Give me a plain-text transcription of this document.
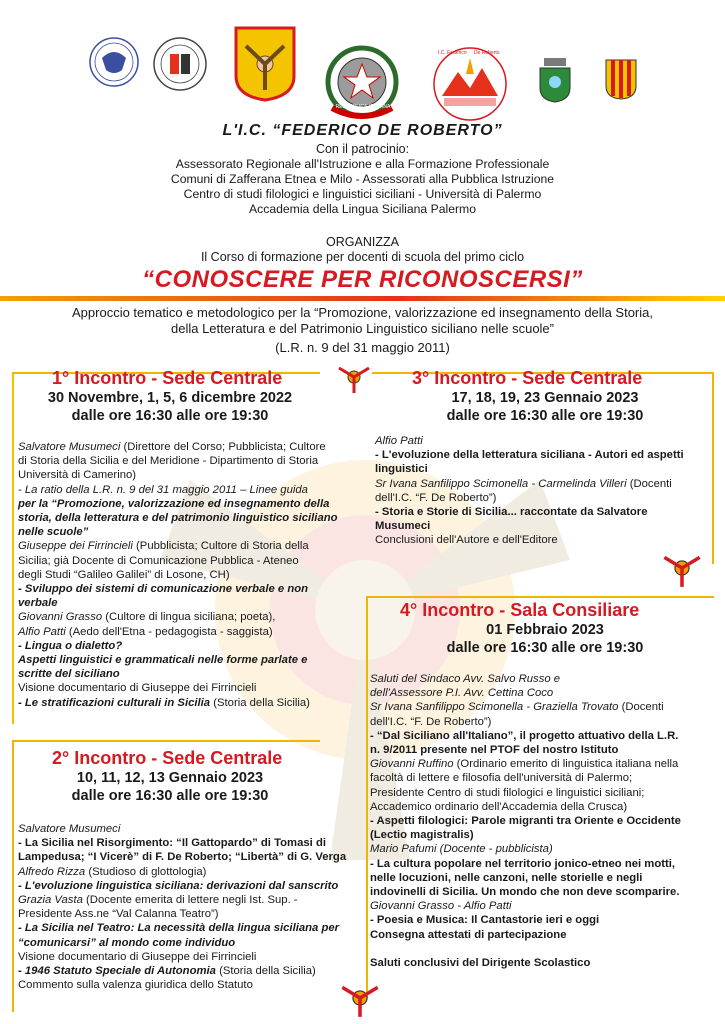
REPUBBLICA ITALIANA
I.C. Federico De Roberto
L'I.C. “FEDERICO DE ROBERTO”
Con il patrocinio:
Assessorato Regionale all'Istruzione e alla Formazione Professionale
Comuni di Zafferana Etnea e Milo - Assessorati alla Pubblica Istruzione
Centro di studi filologici e linguistici siciliani - Università di Palermo
Accademia della Lingua Siciliana Palermo
ORGANIZZA
Il Corso di formazione per docenti di scuola del primo ciclo
“CONOSCERE PER RICONOSCERSI”
Approccio tematico e metodologico per la “Promozione, valorizzazione ed insegnamento della Storia,
della Letteratura e del Patrimonio Linguistico siciliano nelle scuole”
(L.R. n. 9 del 31 maggio 2011)
1° Incontro - Sede Centrale
30 Novembre, 1, 5, 6 dicembre 2022
dalle ore 16:30 alle ore 19:30
Salvatore Musumeci (Direttore del Corso; Pubblicista; Cultore
di Storia della Sicilia e del Meridione - Dipartimento di Storia
Università di Camerino)
- La ratio della L.R. n. 9 del 31 maggio 2011 – Linee guida
per la “Promozione, valorizzazione ed insegnamento della
storia, della letteratura e del patrimonio linguistico siciliano
nelle scuole”
Giuseppe dei Firrincieli (Pubblicista; Cultore di Storia della
Sicilia; già Docente di Comunicazione Pubblica - Ateneo
degli Studi “Galileo Galilei” di Losone, CH)
- Sviluppo dei sistemi di comunicazione verbale e non
verbale
Giovanni Grasso (Cultore di lingua siciliana; poeta),
Alfio Patti (Aedo dell'Etna - pedagogista - saggista)
- Lingua o dialetto?
Aspetti linguistici e grammaticali nelle forme parlate e
scritte del siciliano
Visione documentario di Giuseppe dei Firrincieli
- Le stratificazioni culturali in Sicilia (Storia della Sicilia)
3° Incontro - Sede Centrale
17, 18, 19, 23 Gennaio 2023
dalle ore 16:30 alle ore 19:30
Alfio Patti
- L'evoluzione della letteratura siciliana - Autori ed aspetti
linguistici
Sr Ivana Sanfilippo Scimonella - Carmelinda Villeri (Docenti
dell'I.C. “F. De Roberto”)
- Storia e Storie di Sicilia... raccontate da Salvatore
Musumeci
Conclusioni dell'Autore e dell'Editore
4° Incontro - Sala Consiliare
01 Febbraio 2023
dalle ore 16:30 alle ore 19:30
Saluti del Sindaco Avv. Salvo Russo e
dell'Assessore P.I. Avv. Cettina Coco
Sr Ivana Sanfilippo Scimonella - Graziella Trovato (Docenti
dell'I.C. “F. De Roberto”)
- “Dal Siciliano all'Italiano”, il progetto attuativo della L.R.
n. 9/2011 presente nel PTOF del nostro Istituto
Giovanni Ruffino (Ordinario emerito di linguistica italiana nella
facoltà di lettere e filosofia dell'università di Palermo;
Presidente Centro di studi filologici e linguistici siciliani;
Accademico ordinario dell'Accademia della Crusca)
- Aspetti filologici: Parole migranti tra Oriente e Occidente
(Lectio magistralis)
Mario Pafumi (Docente - pubblicista)
- La cultura popolare nel territorio jonico-etneo nei motti,
nelle locuzioni, nelle canzoni, nelle storielle e negli
indovinelli di Sicilia. Un mondo che non deve scomparire.
Giovanni Grasso - Alfio Patti
- Poesia e Musica: Il Cantastorie ieri e oggi
Consegna attestati di partecipazione
Saluti conclusivi del Dirigente Scolastico
2° Incontro - Sede Centrale
10, 11, 12, 13 Gennaio 2023
dalle ore 16:30 alle ore 19:30
Salvatore Musumeci
- La Sicilia nel Risorgimento: “Il Gattopardo” di Tomasi di
Lampedusa; “I Vicerè” di F. De Roberto; “Libertà” di G. Verga
Alfredo Rizza (Studioso di glottologia)
- L'evoluzione linguistica siciliana: derivazioni dal sanscrito
Grazia Vasta (Docente emerita di lettere negli Ist. Sup. -
Presidente Ass.ne “Val Calanna Teatro”)
- La Sicilia nel Teatro: La necessità della lingua siciliana per
“comunicarsi” al mondo come individuo
Visione documentario di Giuseppe dei Firrincieli
- 1946 Statuto Speciale di Autonomia (Storia della Sicilia)
Commento sulla valenza giuridica dello Statuto
